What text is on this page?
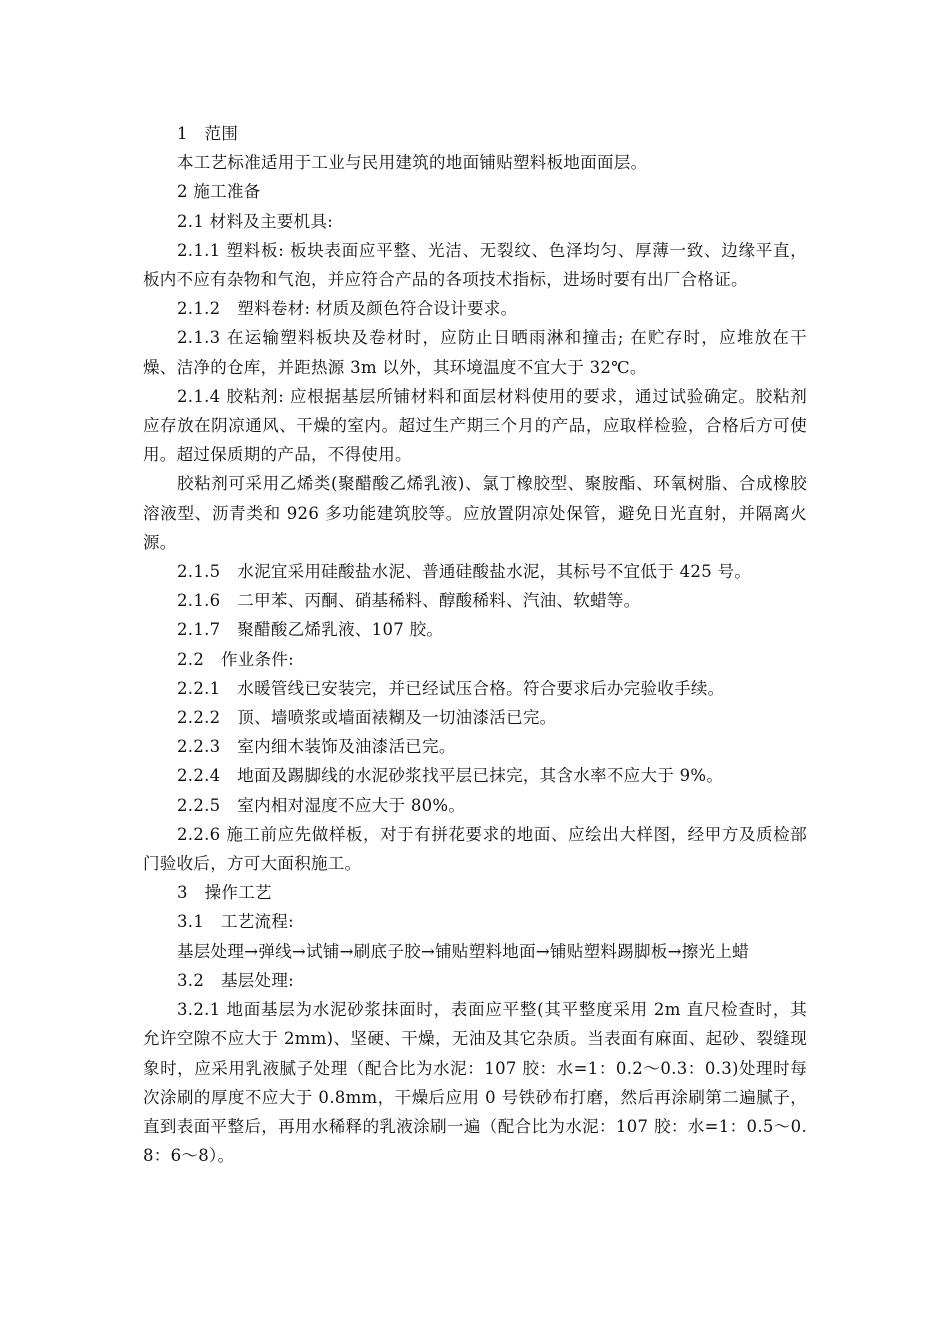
1　范围

本工艺标准适用于工业与民用建筑的地面铺贴塑料板地面面层。

2 施工准备

2.1 材料及主要机具:

2.1.1 塑料板: 板块表面应平整、光洁、无裂纹、色泽均匀、厚薄一致、边缘平直，板内不应有杂物和气泡，并应符合产品的各项技术指标，进场时要有出厂合格证。

2.1.2　塑料卷材: 材质及颜色符合设计要求。

2.1.3 在运输塑料板块及卷材时，应防止日晒雨淋和撞击; 在贮存时，应堆放在干燥、洁净的仓库，并距热源 3m 以外，其环境温度不宜大于 32℃。

2.1.4 胶粘剂: 应根据基层所铺材料和面层材料使用的要求，通过试验确定。胶粘剂应存放在阴凉通风、干燥的室内。超过生产期三个月的产品，应取样检验，合格后方可使用。超过保质期的产品，不得使用。

胶粘剂可采用乙烯类(聚醋酸乙烯乳液)、氯丁橡胶型、聚胺酯、环氧树脂、合成橡胶溶液型、沥青类和 926 多功能建筑胶等。应放置阴凉处保管，避免日光直射，并隔离火源。

2.1.5　水泥宜采用硅酸盐水泥、普通硅酸盐水泥，其标号不宜低于 425 号。

2.1.6　二甲苯、丙酮、硝基稀料、醇酸稀料、汽油、软蜡等。

2.1.7　聚醋酸乙烯乳液、107 胶。

2.2　作业条件:

2.2.1　水暖管线已安装完，并已经试压合格。符合要求后办完验收手续。

2.2.2　顶、墙喷浆或墙面裱糊及一切油漆活已完。

2.2.3　室内细木装饰及油漆活已完。

2.2.4　地面及踢脚线的水泥砂浆找平层已抹完，其含水率不应大于 9%。

2.2.5　室内相对湿度不应大于 80%。

2.2.6 施工前应先做样板，对于有拼花要求的地面、应绘出大样图，经甲方及质检部门验收后，方可大面积施工。

3　操作工艺

3.1　工艺流程:

基层处理→弹线→试铺→刷底子胶→铺贴塑料地面→铺贴塑料踢脚板→擦光上蜡

3.2　基层处理:

3.2.1 地面基层为水泥砂浆抹面时，表面应平整(其平整度采用 2m 直尺检查时，其允许空隙不应大于 2mm)、坚硬、干燥，无油及其它杂质。当表面有麻面、起砂、裂缝现象时，应采用乳液腻子处理（配合比为水泥：107 胶：水=1：0.2～0.3：0.3)处理时每次涂刷的厚度不应大于 0.8mm，干燥后应用 0 号铁砂布打磨，然后再涂刷第二遍腻子，直到表面平整后，再用水稀释的乳液涂刷一遍（配合比为水泥：107 胶：水=1：0.5～0.8：6～8）。
